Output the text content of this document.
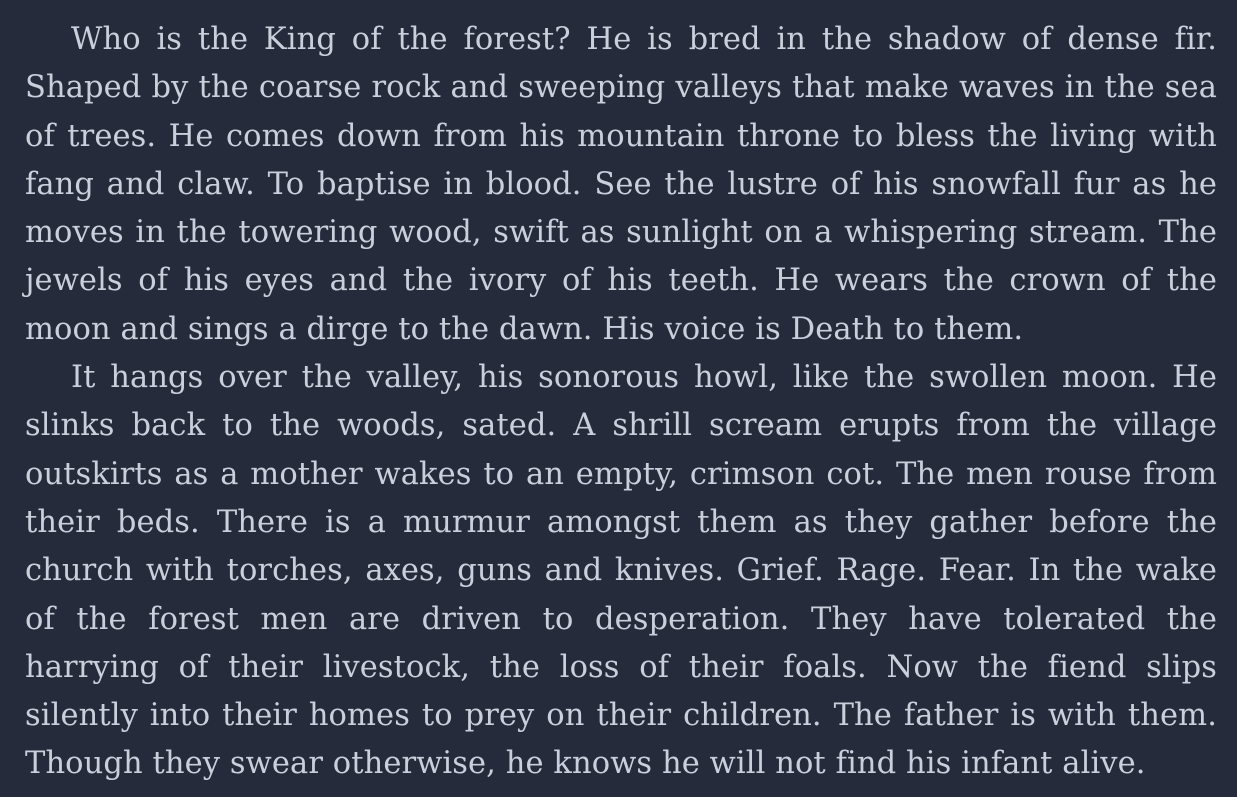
Who is the King of the forest? He is bred in the shadow of dense fir. Shaped by the coarse rock and sweeping valleys that make waves in the sea of trees. He comes down from his mountain throne to bless the living with fang and claw. To baptise in blood. See the lustre of his snowfall fur as he moves in the towering wood, swift as sunlight on a whispering stream. The jewels of his eyes and the ivory of his teeth. He wears the crown of the moon and sings a dirge to the dawn. His voice is Death to them.

It hangs over the valley, his sonorous howl, like the swollen moon. He slinks back to the woods, sated. A shrill scream erupts from the village outskirts as a mother wakes to an empty, crimson cot. The men rouse from their beds. There is a murmur amongst them as they gather before the church with torches, axes, guns and knives. Grief. Rage. Fear. In the wake of the forest men are driven to desperation. They have tolerated the harrying of their livestock, the loss of their foals. Now the fiend slips silently into their homes to prey on their children. The father is with them. Though they swear otherwise, he knows he will not find his infant alive.
